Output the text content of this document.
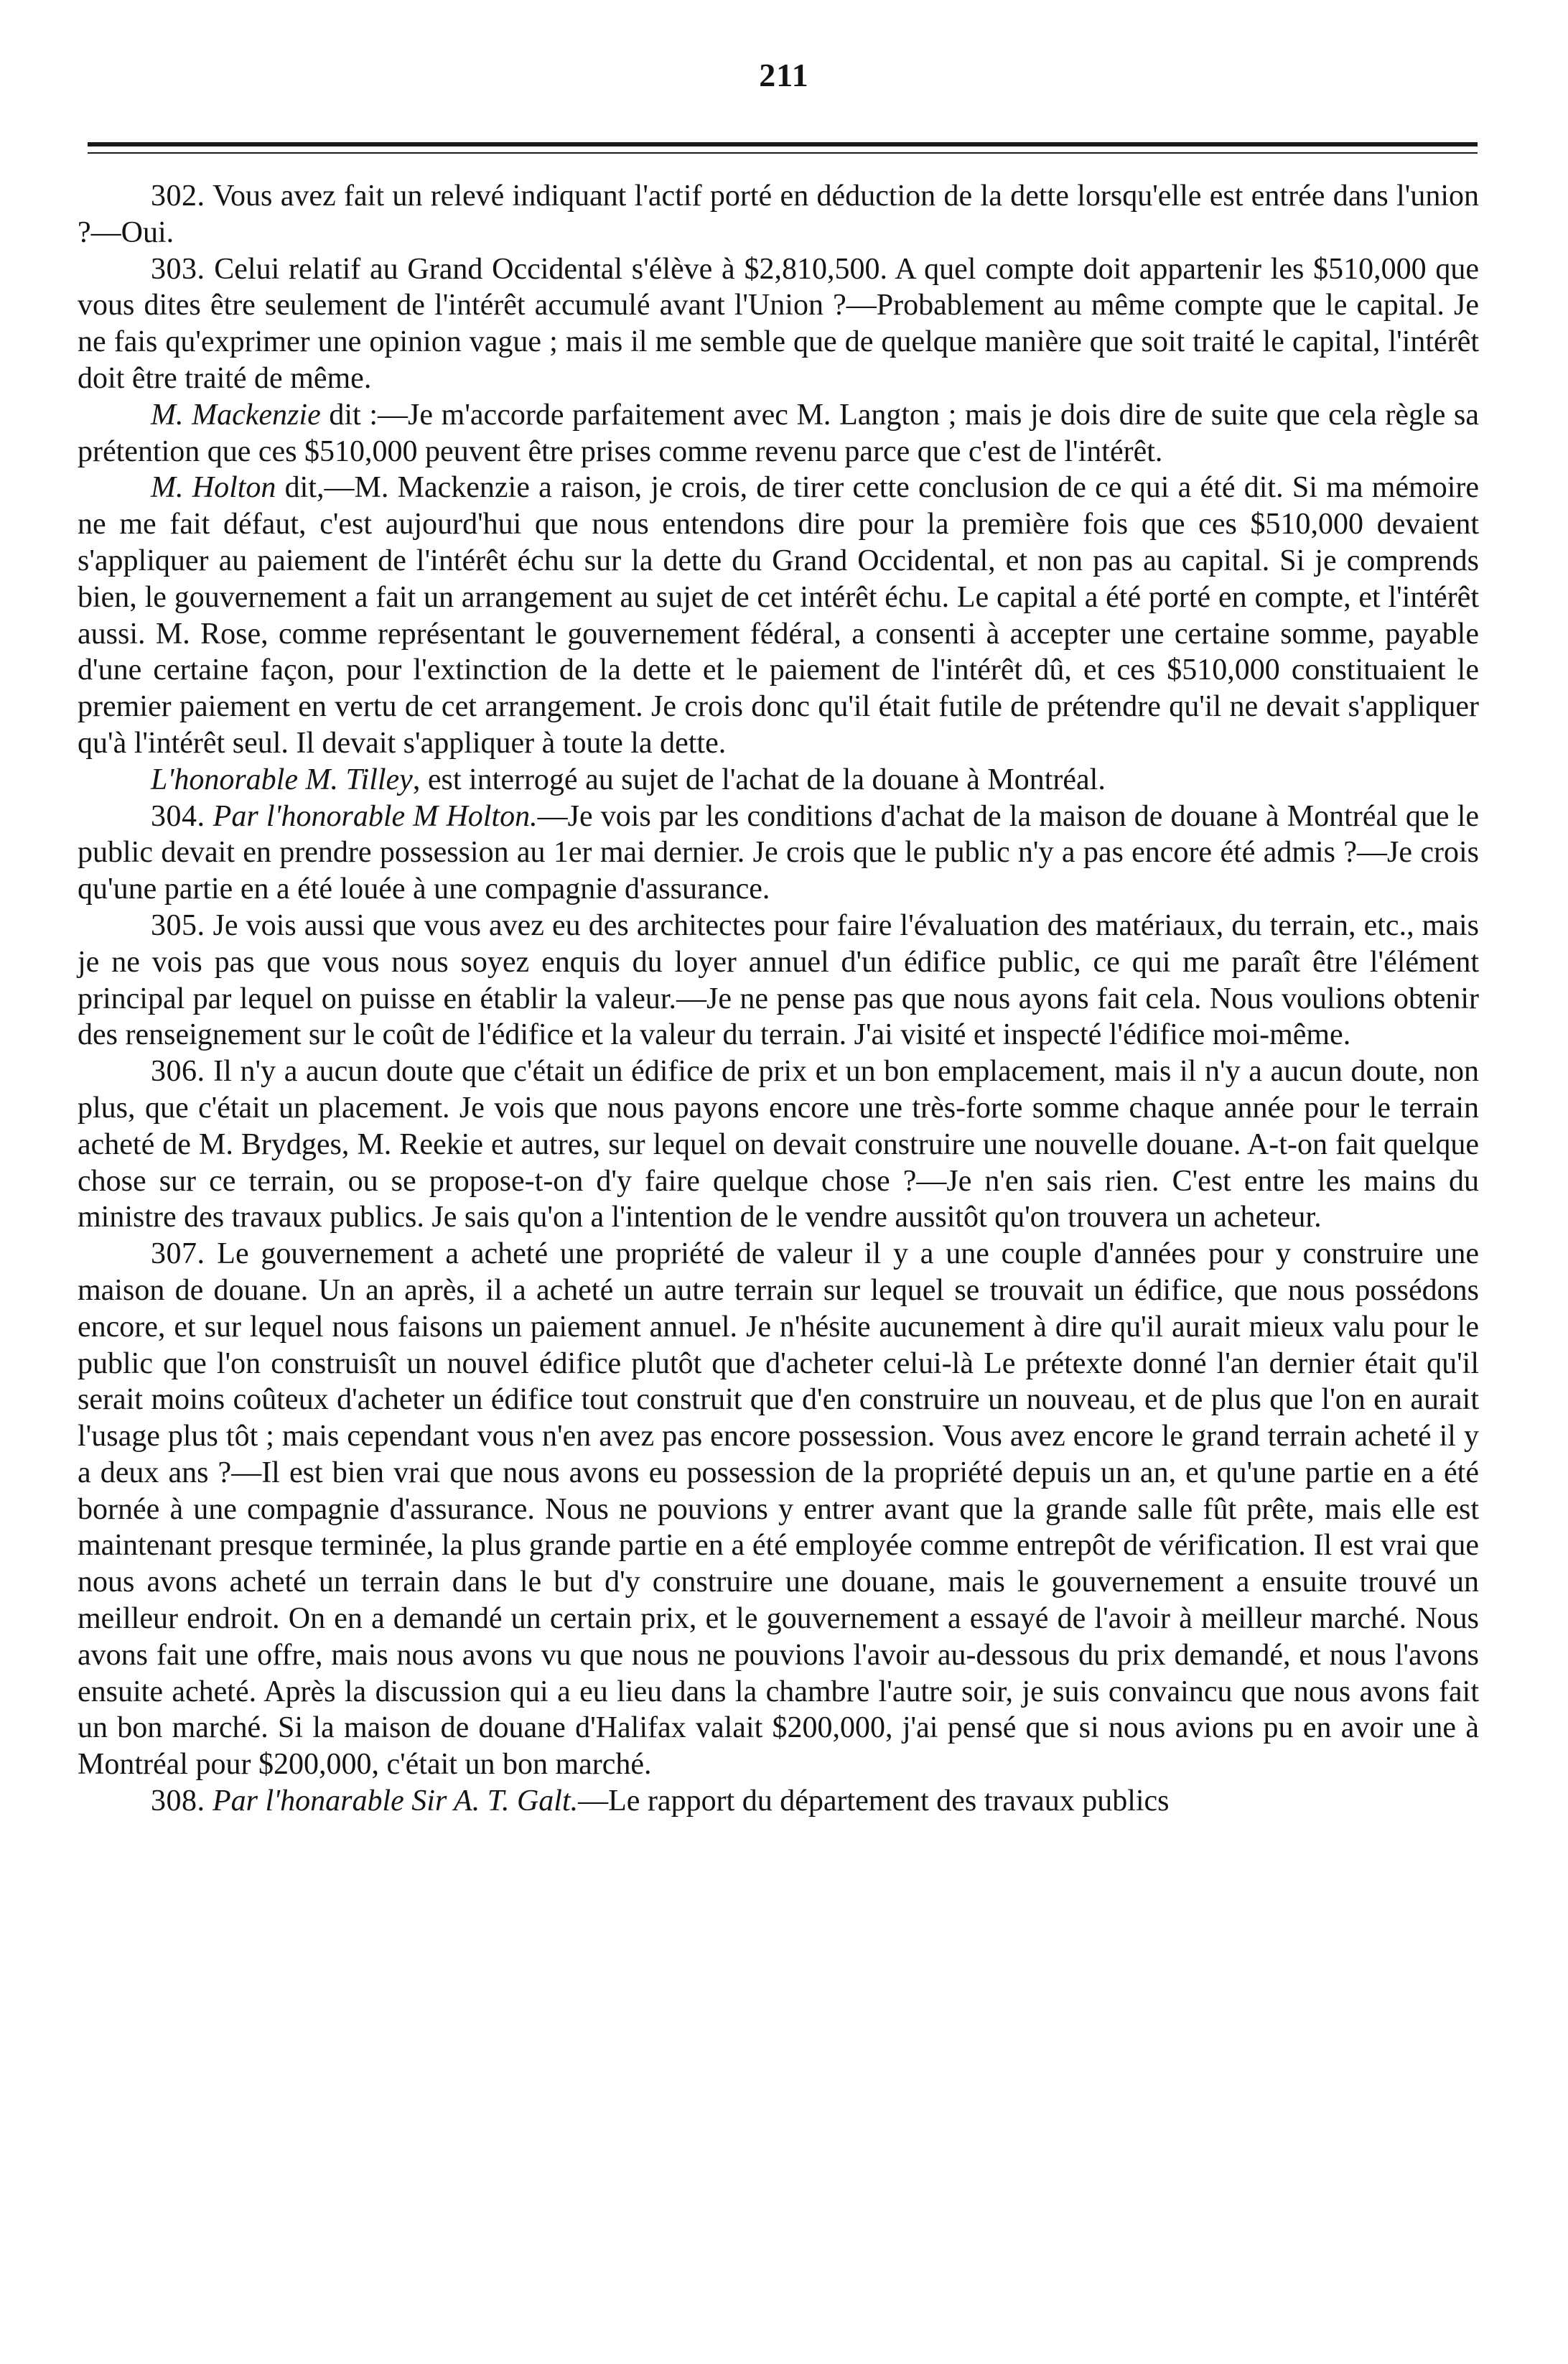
211

302. Vous avez fait un relevé indiquant l'actif porté en déduction de la dette lorsqu'elle est entrée dans l'union ?—Oui.

303. Celui relatif au Grand Occidental s'élève à $2,810,500. A quel compte doit appartenir les $510,000 que vous dites être seulement de l'intérêt accumulé avant l'Union ?—Probablement au même compte que le capital. Je ne fais qu'exprimer une opinion vague ; mais il me semble que de quelque manière que soit traité le capital, l'intérêt doit être traité de même.

M. Mackenzie dit :—Je m'accorde parfaitement avec M. Langton ; mais je dois dire de suite que cela règle sa prétention que ces $510,000 peuvent être prises comme revenu parce que c'est de l'intérêt.

M. Holton dit,—M. Mackenzie a raison, je crois, de tirer cette conclusion de ce qui a été dit. Si ma mémoire ne me fait défaut, c'est aujourd'hui que nous entendons dire pour la première fois que ces $510,000 devaient s'appliquer au paiement de l'intérêt échu sur la dette du Grand Occidental, et non pas au capital. Si je comprends bien, le gouvernement a fait un arrangement au sujet de cet intérêt échu. Le capital a été porté en compte, et l'intérêt aussi. M. Rose, comme représentant le gouvernement fédéral, a consenti à accepter une certaine somme, payable d'une certaine façon, pour l'extinction de la dette et le paiement de l'intérêt dû, et ces $510,000 constituaient le premier paiement en vertu de cet arrangement. Je crois donc qu'il était futile de prétendre qu'il ne devait s'appliquer qu'à l'intérêt seul. Il devait s'appliquer à toute la dette.

L'honorable M. Tilley, est interrogé au sujet de l'achat de la douane à Montréal.

304. Par l'honorable M Holton.—Je vois par les conditions d'achat de la maison de douane à Montréal que le public devait en prendre possession au 1er mai dernier. Je crois que le public n'y a pas encore été admis ?—Je crois qu'une partie en a été louée à une compagnie d'assurance.

305. Je vois aussi que vous avez eu des architectes pour faire l'évaluation des matériaux, du terrain, etc., mais je ne vois pas que vous nous soyez enquis du loyer annuel d'un édifice public, ce qui me paraît être l'élément principal par lequel on puisse en établir la valeur.—Je ne pense pas que nous ayons fait cela. Nous voulions obtenir des renseignement sur le coût de l'édifice et la valeur du terrain. J'ai visité et inspecté l'édifice moi-même.

306. Il n'y a aucun doute que c'était un édifice de prix et un bon emplacement, mais il n'y a aucun doute, non plus, que c'était un placement. Je vois que nous payons encore une très-forte somme chaque année pour le terrain acheté de M. Brydges, M. Reekie et autres, sur lequel on devait construire une nouvelle douane. A-t-on fait quelque chose sur ce terrain, ou se propose-t-on d'y faire quelque chose ?—Je n'en sais rien. C'est entre les mains du ministre des travaux publics. Je sais qu'on a l'intention de le vendre aussitôt qu'on trouvera un acheteur.

307. Le gouvernement a acheté une propriété de valeur il y a une couple d'années pour y construire une maison de douane. Un an après, il a acheté un autre terrain sur lequel se trouvait un édifice, que nous possédons encore, et sur lequel nous faisons un paiement annuel. Je n'hésite aucunement à dire qu'il aurait mieux valu pour le public que l'on construisît un nouvel édifice plutôt que d'acheter celui-là Le prétexte donné l'an dernier était qu'il serait moins coûteux d'acheter un édifice tout construit que d'en construire un nouveau, et de plus que l'on en aurait l'usage plus tôt ; mais cependant vous n'en avez pas encore possession. Vous avez encore le grand terrain acheté il y a deux ans ?—Il est bien vrai que nous avons eu possession de la propriété depuis un an, et qu'une partie en a été bornée à une compagnie d'assurance. Nous ne pouvions y entrer avant que la grande salle fût prête, mais elle est maintenant presque terminée, la plus grande partie en a été employée comme entrepôt de vérification. Il est vrai que nous avons acheté un terrain dans le but d'y construire une douane, mais le gouvernement a ensuite trouvé un meilleur endroit. On en a demandé un certain prix, et le gouvernement a essayé de l'avoir à meilleur marché. Nous avons fait une offre, mais nous avons vu que nous ne pouvions l'avoir au-dessous du prix demandé, et nous l'avons ensuite acheté. Après la discussion qui a eu lieu dans la chambre l'autre soir, je suis convaincu que nous avons fait un bon marché. Si la maison de douane d'Halifax valait $200,000, j'ai pensé que si nous avions pu en avoir une à Montréal pour $200,000, c'était un bon marché.

308. Par l'honarable Sir A. T. Galt.—Le rapport du département des travaux publics
